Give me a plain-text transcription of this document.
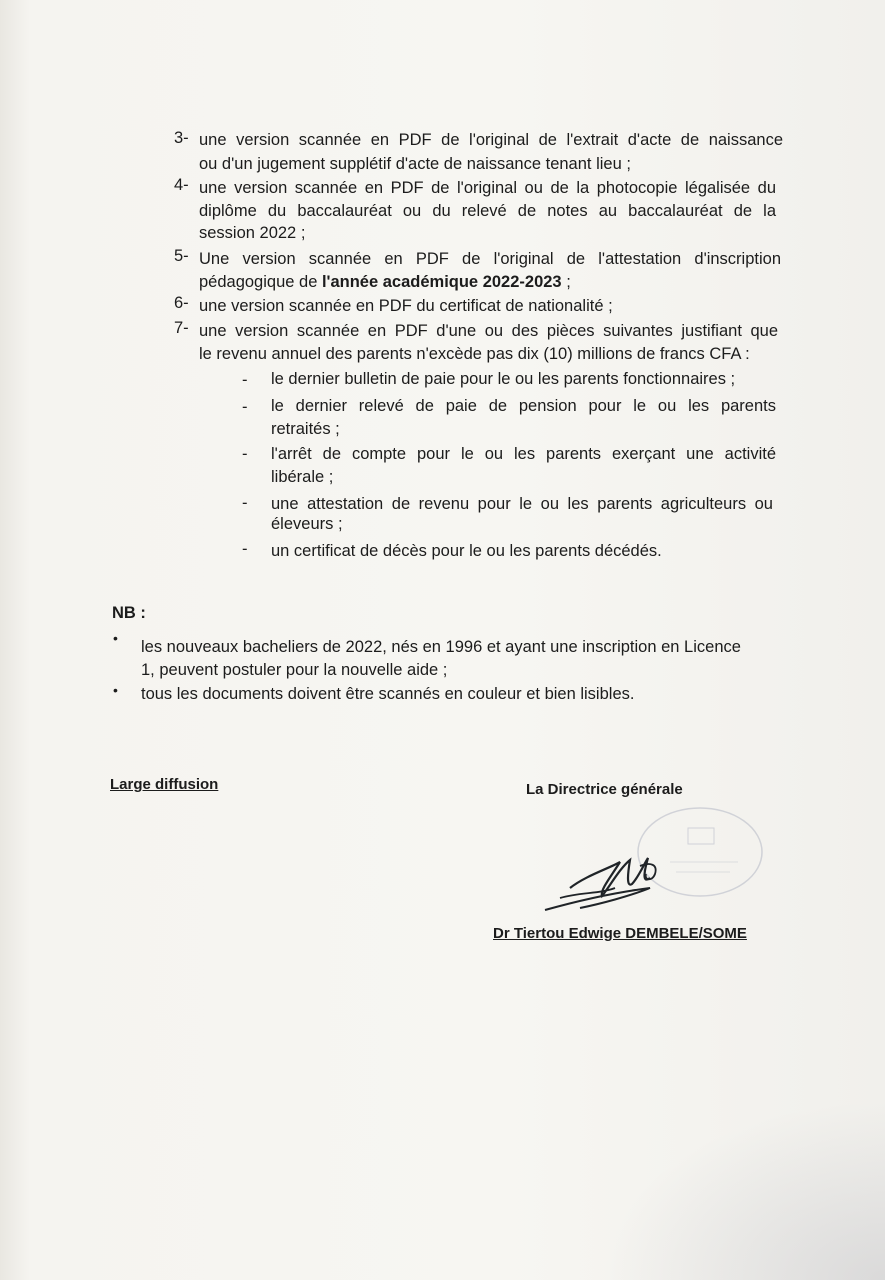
3- une version scannée en PDF de l'original de l'extrait d'acte de naissance
ou d'un jugement supplétif d'acte de naissance tenant lieu ;
4- une version scannée en PDF de l'original ou de la photocopie légalisée du
diplôme du baccalauréat ou du relevé de notes au baccalauréat de la
session 2022 ;
5- Une version scannée en PDF de l'original de l'attestation d'inscription
pédagogique de l'année académique 2022-2023 ;
6- une version scannée en PDF du certificat de nationalité ;
7- une version scannée en PDF d'une ou des pièces suivantes justifiant que
le revenu annuel des parents n'excède pas dix (10) millions de francs CFA :
- le dernier bulletin de paie pour le ou les parents fonctionnaires ;
- le dernier relevé de paie de pension pour le ou les parents
retraités ;
- l'arrêt de compte pour le ou les parents exerçant une activité
libérale ;
- une attestation de revenu pour le ou les parents agriculteurs ou
éleveurs ;
- un certificat de décès pour le ou les parents décédés.
NB :
• les nouveaux bacheliers de 2022, nés en 1996 et ayant une inscription en Licence
1, peuvent postuler pour la nouvelle aide ;
• tous les documents doivent être scannés en couleur et bien lisibles.
Large diffusion	La Directrice générale
Dr Tiertou Edwige DEMBELE/SOME
